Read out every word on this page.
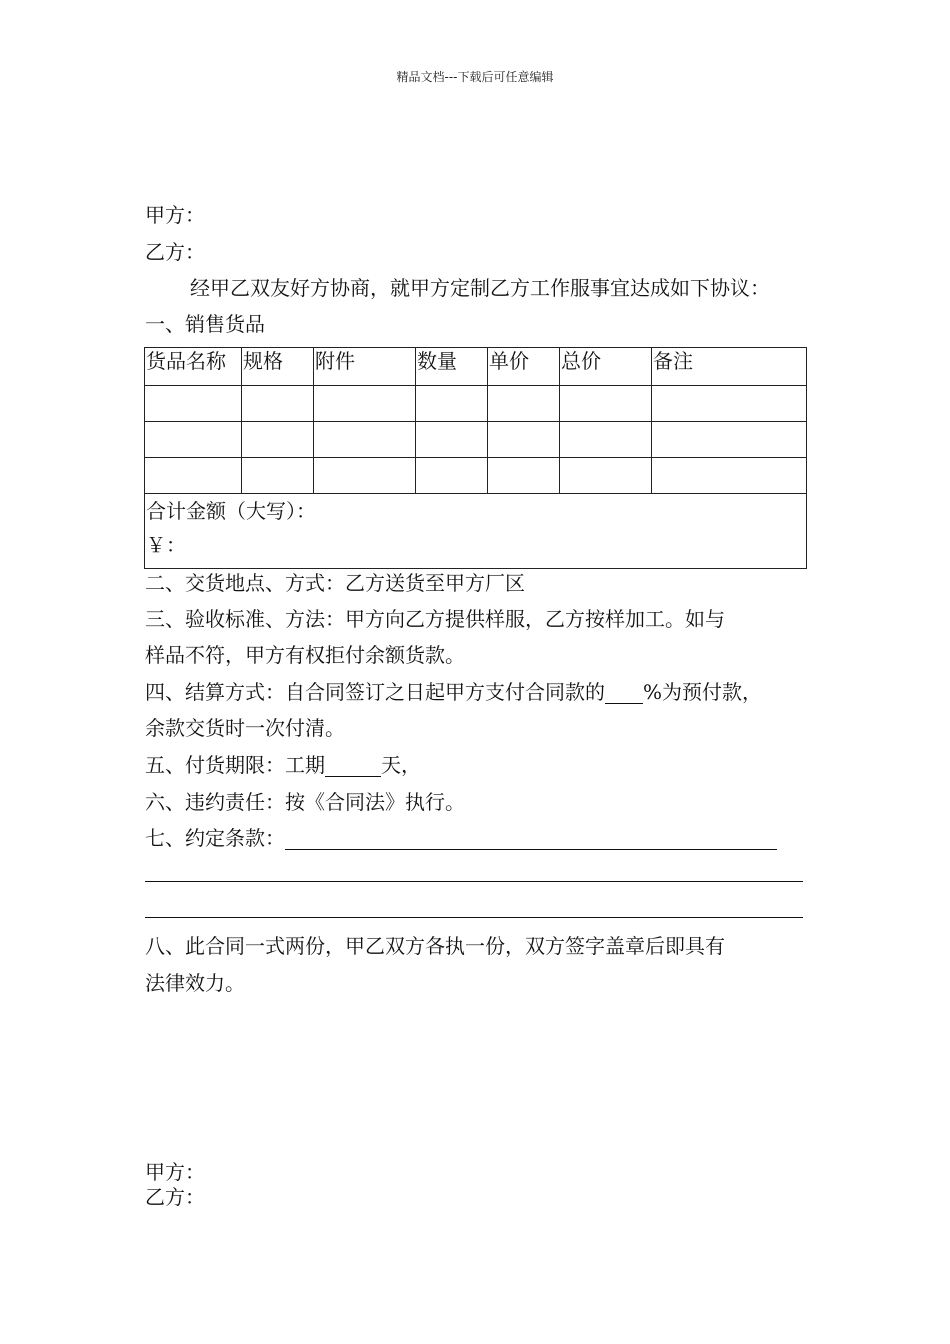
精品文档---下载后可任意编辑
甲方：
乙方：
经甲乙双友好方协商，就甲方定制乙方工作服事宜达成如下协议：
一、销售货品
货品名称	规格	附件	数量	单价	总价	备注

合计金额（大写）：
￥：						
二、交货地点、方式：乙方送货至甲方厂区
三、验收标准、方法：甲方向乙方提供样服，乙方按样加工。如与
样品不符，甲方有权拒付余额货款。
四、结算方式：自合同签订之日起甲方支付合同款的 %为预付款，
余款交货时一次付清。
五、付货期限：工期	天，
六、违约责任：按《合同法》执行。
七、约定条款：
八、此合同一式两份，甲乙双方各执一份，双方签字盖章后即具有
法律效力。
甲方：
乙方：
